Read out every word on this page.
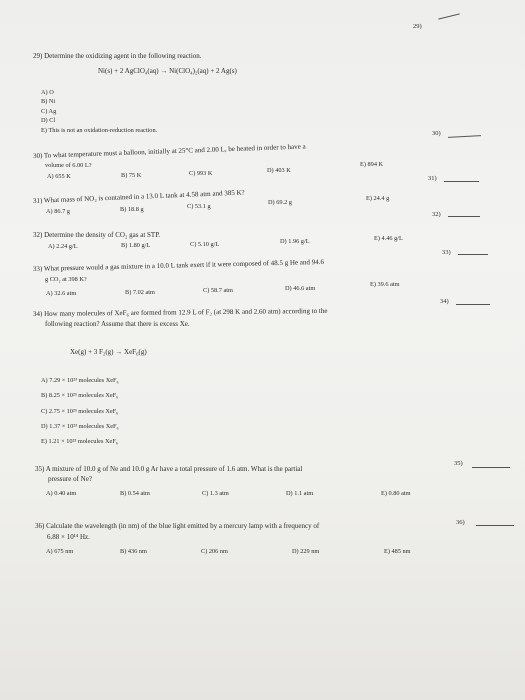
29)
29) Determine the oxidizing agent in the following reaction.
Ni(s) + 2 AgClO₄(aq) → Ni(ClO₄)₂(aq) + 2 Ag(s)
A) O
B) Ni
C) Ag
D) Cl
E) This is not an oxidation-reduction reaction.	30)
30) To what temperature must a balloon, initially at 25°C and 2.00 L, be heated in order to have a
volume of 6.00 L?
A) 655 K	B) 75 K	C) 993 K	D) 403 K
E) 894 K
31)
31) What mass of NO₂ is contained in a 13.0 L tank at 4.58 atm and 385 K?
A) 86.7 g	B) 18.8 g	C) 53.1 g
D) 69.2 g
E) 24.4 g
32)
32) Determine the density of CO₂ gas at STP.
A) 2.24 g/L	B) 1.80 g/L	C) 5.10 g/L	D) 1.96 g/L	E) 4.46 g/L
33)
33) What pressure would a gas mixture in a 10.0 L tank exert if it were composed of 48.5 g He and 94.6
g CO₂ at 398 K?
A) 32.6 atm	B) 7.02 atm	C) 58.7 atm	D) 46.6 atm
E) 39.6 atm
34)
34) How many molecules of XeF₆ are formed from 12.9 L of F₂ (at 298 K and 2.60 atm) according to the
following reaction? Assume that there is excess Xe.
Xe(g) + 3 F₂(g) → XeF₆(g)
A) 7.29 × 10²³ molecules XeF₆
B) 8.25 × 10²³ molecules XeF₆
C) 2.75 × 10²³ molecules XeF₆
D) 1.37 × 10²³ molecules XeF₆
E) 1.21 × 10²³ molecules XeF₆
35)
35) A mixture of 10.0 g of Ne and 10.0 g Ar have a total pressure of 1.6 atm. What is the partial
pressure of Ne?
A) 0.40 atm	B) 0.54 atm	C) 1.3 atm	D) 1.1 atm	E) 0.80 atm
36)
36) Calculate the wavelength (in nm) of the blue light emitted by a mercury lamp with a frequency of
6.88 × 10¹⁴ Hz.
A) 675 nm	B) 436 nm	C) 206 nm	D) 229 nm	E) 485 nm
